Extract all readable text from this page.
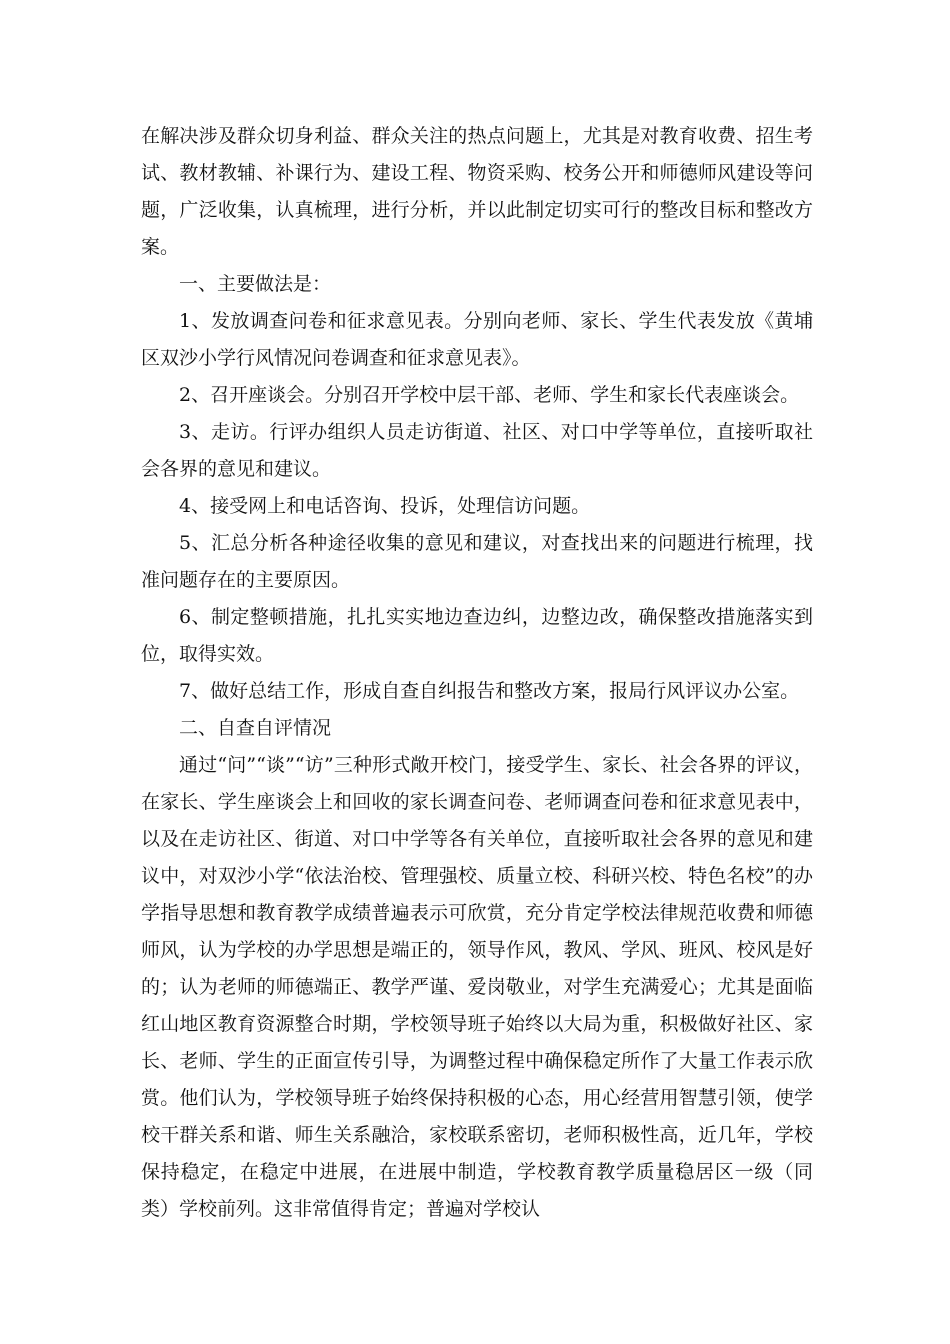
在解决涉及群众切身利益、群众关注的热点问题上，尤其是对教育收费、招生考试、教材教辅、补课行为、建设工程、物资采购、校务公开和师德师风建设等问题，广泛收集，认真梳理，进行分析，并以此制定切实可行的整改目标和整改方案。

一、主要做法是：

1、发放调查问卷和征求意见表。分别向老师、家长、学生代表发放《黄埔区双沙小学行风情况问卷调查和征求意见表》。

2、召开座谈会。分别召开学校中层干部、老师、学生和家长代表座谈会。

3、走访。行评办组织人员走访街道、社区、对口中学等单位，直接听取社会各界的意见和建议。

4、接受网上和电话咨询、投诉，处理信访问题。

5、汇总分析各种途径收集的意见和建议，对查找出来的问题进行梳理，找准问题存在的主要原因。

6、制定整顿措施，扎扎实实地边查边纠，边整边改，确保整改措施落实到位，取得实效。

7、做好总结工作，形成自查自纠报告和整改方案，报局行风评议办公室。

二、自查自评情况

通过“问”“谈”“访”三种形式敞开校门，接受学生、家长、社会各界的评议，在家长、学生座谈会上和回收的家长调查问卷、老师调查问卷和征求意见表中，以及在走访社区、街道、对口中学等各有关单位，直接听取社会各界的意见和建议中，对双沙小学“依法治校、管理强校、质量立校、科研兴校、特色名校”的办学指导思想和教育教学成绩普遍表示可欣赏，充分肯定学校法律规范收费和师德师风，认为学校的办学思想是端正的，领导作风，教风、学风、班风、校风是好的；认为老师的师德端正、教学严谨、爱岗敬业，对学生充满爱心；尤其是面临红山地区教育资源整合时期，学校领导班子始终以大局为重，积极做好社区、家长、老师、学生的正面宣传引导，为调整过程中确保稳定所作了大量工作表示欣赏。他们认为，学校领导班子始终保持积极的心态，用心经营用智慧引领，使学校干群关系和谐、师生关系融洽，家校联系密切，老师积极性高，近几年，学校保持稳定，在稳定中进展，在进展中制造，学校教育教学质量稳居区一级（同类）学校前列。这非常值得肯定；普遍对学校认
